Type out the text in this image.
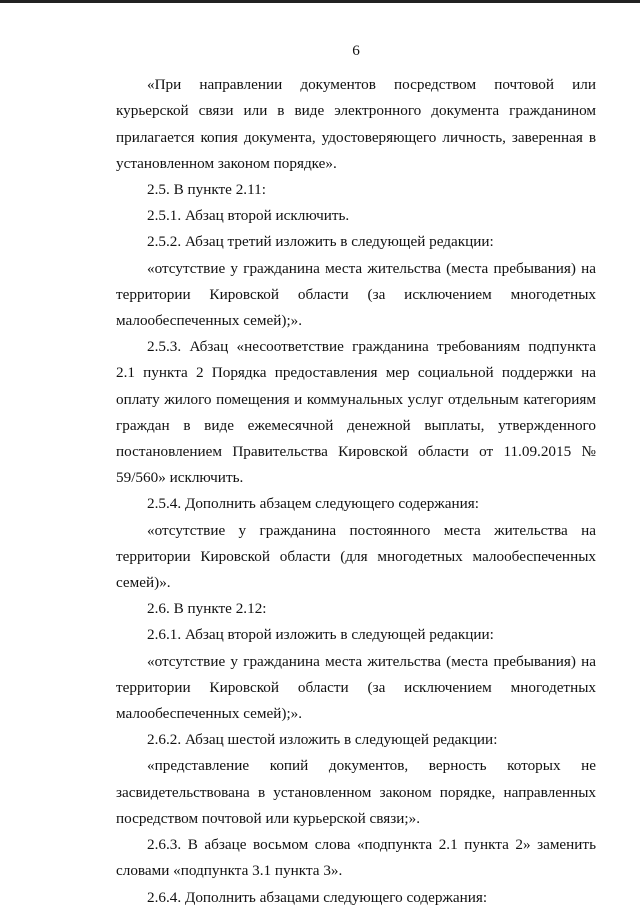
6

«При направлении документов посредством почтовой или курьерской связи или в виде электронного документа гражданином прилагается копия документа, удостоверяющего личность, заверенная в установленном законом порядке».

2.5. В пункте 2.11:

2.5.1. Абзац второй исключить.

2.5.2. Абзац третий изложить в следующей редакции:

«отсутствие у гражданина места жительства (места пребывания) на территории Кировской области (за исключением многодетных малообеспеченных семей);».

2.5.3. Абзац «несоответствие гражданина требованиям подпункта 2.1 пункта 2 Порядка предоставления мер социальной поддержки на оплату жилого помещения и коммунальных услуг отдельным категориям граждан в виде ежемесячной денежной выплаты, утвержденного постановлением Правительства Кировской области от 11.09.2015 № 59/560» исключить.

2.5.4. Дополнить абзацем следующего содержания:

«отсутствие у гражданина постоянного места жительства на территории Кировской области (для многодетных малообеспеченных семей)».

2.6. В пункте 2.12:

2.6.1. Абзац второй изложить в следующей редакции:

«отсутствие у гражданина места жительства (места пребывания) на территории Кировской области (за исключением многодетных малообеспеченных семей);».

2.6.2. Абзац шестой изложить в следующей редакции:

«представление копий документов, верность которых не засвидетельствована в установленном законом порядке, направленных посредством почтовой или курьерской связи;».

2.6.3. В абзаце восьмом слова «подпункта 2.1 пункта 2» заменить словами «подпункта 3.1 пункта 3».

2.6.4. Дополнить абзацами следующего содержания:
